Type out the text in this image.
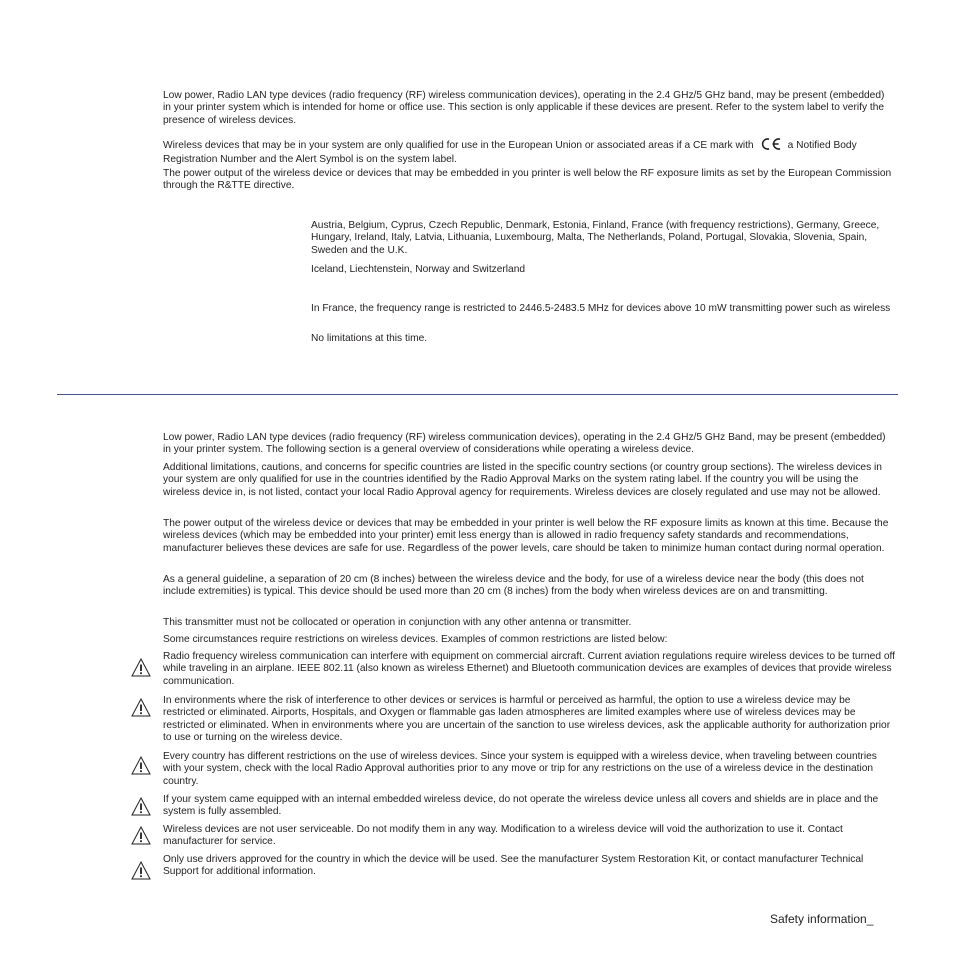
Low power, Radio LAN type devices (radio frequency (RF) wireless communication devices), operating in the 2.4 GHz/5 GHz band, may be present (embedded) in your printer system which is intended for home or office use. This section is only applicable if these devices are present. Refer to the system label to verify the presence of wireless devices.

Wireless devices that may be in your system are only qualified for use in the European Union or associated areas if a CE mark with	a Notified Body Registration Number and the Alert Symbol is on the system label.

The power output of the wireless device or devices that may be embedded in you printer is well below the RF exposure limits as set by the European Commission through the R&TTE directive.

Austria, Belgium, Cyprus, Czech Republic, Denmark, Estonia, Finland, France (with frequency restrictions), Germany, Greece, Hungary, Ireland, Italy, Latvia, Lithuania, Luxembourg, Malta, The Netherlands, Poland, Portugal, Slovakia, Slovenia, Spain, Sweden and the U.K.

Iceland, Liechtenstein, Norway and Switzerland

In France, the frequency range is restricted to 2446.5-2483.5 MHz for devices above 10 mW transmitting power such as wireless

No limitations at this time.

Low power, Radio LAN type devices (radio frequency (RF) wireless communication devices), operating in the 2.4 GHz/5 GHz Band, may be present (embedded) in your printer system. The following section is a general overview of considerations while operating a wireless device.

Additional limitations, cautions, and concerns for specific countries are listed in the specific country sections (or country group sections). The wireless devices in your system are only qualified for use in the countries identified by the Radio Approval Marks on the system rating label. If the country you will be using the wireless device in, is not listed, contact your local Radio Approval agency for requirements. Wireless devices are closely regulated and use may not be allowed.

The power output of the wireless device or devices that may be embedded in your printer is well below the RF exposure limits as known at this time. Because the wireless devices (which may be embedded into your printer) emit less energy than is allowed in radio frequency safety standards and recommendations, manufacturer believes these devices are safe for use. Regardless of the power levels, care should be taken to minimize human contact during normal operation.

As a general guideline, a separation of 20 cm (8 inches) between the wireless device and the body, for use of a wireless device near the body (this does not include extremities) is typical. This device should be used more than 20 cm (8 inches) from the body when wireless devices are on and transmitting.

This transmitter must not be collocated or operation in conjunction with any other antenna or transmitter.

Some circumstances require restrictions on wireless devices. Examples of common restrictions are listed below:

Radio frequency wireless communication can interfere with equipment on commercial aircraft. Current aviation regulations require wireless devices to be turned off while traveling in an airplane. IEEE 802.11 (also known as wireless Ethernet) and Bluetooth communication devices are examples of devices that provide wireless communication.

In environments where the risk of interference to other devices or services is harmful or perceived as harmful, the option to use a wireless device may be restricted or eliminated. Airports, Hospitals, and Oxygen or flammable gas laden atmospheres are limited examples where use of wireless devices may be restricted or eliminated. When in environments where you are uncertain of the sanction to use wireless devices, ask the applicable authority for authorization prior to use or turning on the wireless device.

Every country has different restrictions on the use of wireless devices. Since your system is equipped with a wireless device, when traveling between countries with your system, check with the local Radio Approval authorities prior to any move or trip for any restrictions on the use of a wireless device in the destination country.

If your system came equipped with an internal embedded wireless device, do not operate the wireless device unless all covers and shields are in place and the system is fully assembled.

Wireless devices are not user serviceable. Do not modify them in any way. Modification to a wireless device will void the authorization to use it. Contact manufacturer for service.

Only use drivers approved for the country in which the device will be used. See the manufacturer System Restoration Kit, or contact manufacturer Technical Support for additional information.

Safety information_
